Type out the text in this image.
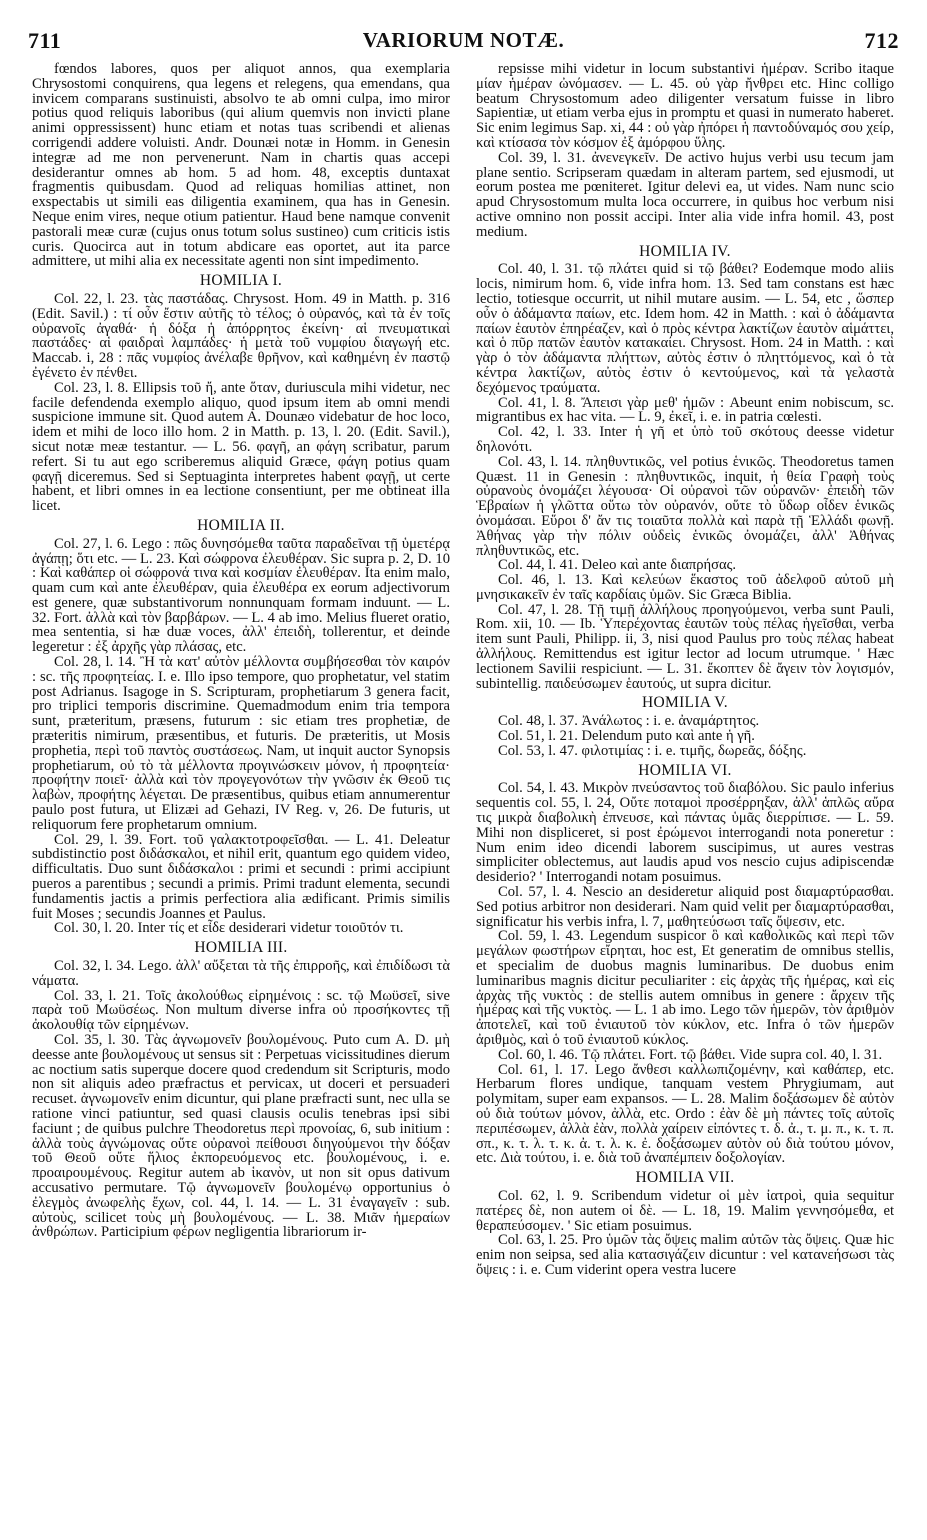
711	VARIORUM NOTÆ.	712

fœndos labores, quos per aliquot annos, qua exemplaria Chrysostomi conquirens, qua legens et relegens, qua emendans, qua invicem comparans sustinuisti, absolvo te ab omni culpa, imo miror potius quod reliquis laboribus (qui alium quemvis non invicti plane animi oppressissent) hunc etiam et notas tuas scribendi et alienas corrigendi addere voluisti. Andr. Dounæi notæ in Homm. in Genesin integræ ad me non pervenerunt. Nam in chartis quas accepi desiderantur omnes ab hom. 5 ad hom. 48, exceptis duntaxat fragmentis quibusdam. Quod ad reliquas homilias attinet, non exspectabis ut simili eas diligentia examinem, qua has in Genesin. Neque enim vires, neque otium patientur. Haud bene namque convenit pastorali meæ curæ (cujus onus totum solus sustineo) cum criticis istis curis. Quocirca aut in totum abdicare eas oportet, aut ita parce admittere, ut mihi alia ex necessitate agenti non sint impedimento.

HOMILIA I.

Col. 22, l. 23. τὰς παστάδας. Chrysost. Hom. 49 in Matth. p. 316 (Edit. Savil.) : τί οὖν ἔστιν αὐτῆς τὸ τέλος; ὁ οὐρανός, καὶ τὰ ἐν τοῖς οὐρανοῖς ἀγαθά· ἡ δόξα ἡ ἀπόρρητος ἐκείνη· αἱ πνευματικαὶ παστάδες· αἱ φαιδραὶ λαμπάδες· ἡ μετὰ τοῦ νυμφίου διαγωγή etc. Maccab. i, 28 : πᾶς νυμφίος ἀνέλαβε θρῆνον, καὶ καθημένη ἐν παστῷ ἐγένετο ἐν πένθει.

Col. 23, l. 8. Ellipsis τοῦ ἤ, ante ὅταν, duriuscula mihi videtur, nec facile defendenda exemplo aliquo, quod ipsum item ab omni mendi suspicione immune sit. Quod autem A. Dounæo videbatur de hoc loco, idem et mihi de loco illo hom. 2 in Matth. p. 13, l. 20. (Edit. Savil.), sicut notæ meæ testantur. — L. 56. φαγῆ, an φάγη scribatur, parum refert. Si tu aut ego scriberemus aliquid Græce, φάγη potius quam φαγῇ diceremus. Sed si Septuaginta interpretes habent φαγῇ, ut certe habent, et libri omnes in ea lectione consentiunt, per me obtineat illa licet.

HOMILIA II.

Col. 27, l. 6. Lego : πῶς δυνησόμεθα ταῦτα παραδεῖναι τῇ ὑμετέρᾳ ἀγάπῃ; ὅτι etc. — L. 23. Καὶ σώφρονα ἐλευθέραν. Sic supra p. 2, D. 10 : Καὶ καθάπερ οἱ σώφρονά τινα καὶ κοσμίαν ἐλευθέραν. Ita enim malo, quam cum καὶ ante ἐλευθέραν, quia ἐλευθέρα ex eorum adjectivorum est genere, quæ substantivorum nonnunquam formam induunt. — L. 32. Fort. ἀλλὰ καὶ τὸν βαρβάρων. — L. 4 ab imo. Melius flueret oratio, mea sententia, si hæ duæ voces, ἀλλ' ἐπειδὴ, tollerentur, et deinde legeretur : ἐξ ἀρχῆς γὰρ πλάσας, etc.

Col. 28, l. 14. Ἢ τὰ κατ' αὐτὸν μέλλοντα συμβήσεσθαι τὸν καιρόν : sc. τῆς προφητείας. I. e. Illo ipso tempore, quo prophetatur, vel statim post Adrianus. Isagoge in S. Scripturam, prophetiarum 3 genera facit, pro triplici temporis discrimine. Quemadmodum enim tria tempora sunt, præteritum, præsens, futurum : sic etiam tres prophetiæ, de præteritis nimirum, præsentibus, et futuris. De præteritis, ut Mosis prophetia, περὶ τοῦ παντὸς συστάσεως. Nam, ut inquit auctor Synopsis prophetiarum, οὐ τὸ τὰ μέλλοντα προγινώσκειν μόνον, ἡ προφητεία· προφήτην ποιεῖ· ἀλλὰ καὶ τὸν προγεγονότων τὴν γνῶσιν ἐκ Θεοῦ τις λαβὼν, προφήτης λέγεται. De præsentibus, quibus etiam annumerentur paulo post futura, ut Elizæi ad Gehazi, IV Reg. v, 26. De futuris, ut reliquorum fere prophetarum omnium.

Col. 29, l. 39. Fort. τοῦ γαλακτοτροφεῖσθαι. — L. 41. Deleatur subdistinctio post διδάσκαλοι, et nihil erit, quantum ego quidem video, difficultatis. Duo sunt διδάσκαλοι : primi et secundi : primi accipiunt pueros a parentibus ; secundi a primis. Primi tradunt elementa, secundi fundamentis jactis a primis perfectiora alia ædificant. Primis similis fuit Moses ; secundis Joannes et Paulus.

Col. 30, l. 20. Inter τίς et εἶδε desiderari videtur τοιοῦτόν τι.

HOMILIA III.

Col. 32, l. 34. Lego. ἀλλ' αὔξεται τὰ τῆς ἐπιρροῆς, καὶ ἐπιδίδωσι τὰ νάματα.

Col. 33, l. 21. Τοῖς ἀκολούθως εἰρημένοις : sc. τῷ Μωϋσεῖ, sive παρὰ τοῦ Μωϋσέως. Non multum diverse infra οὐ προσήκοντες τῇ ἀκολουθίᾳ τῶν εἰρημένων.

Col. 35, l. 30. Τὰς ἀγνωμονεῖν βουλομένους. Puto cum A. D. μὴ deesse ante βουλομένους ut sensus sit : Perpetuas vicissitudines dierum ac noctium satis superque docere quod credendum sit Scripturis, modo non sit aliquis adeo præfractus et pervicax, ut doceri et persuaderi recuset. ἀγνωμονεῖν enim dicuntur, qui plane præfracti sunt, nec ulla se ratione vinci patiuntur, sed quasi clausis oculis tenebras ipsi sibi faciunt ; de quibus pulchre Theodoretus περὶ προνοίας, 6, sub initium : ἀλλὰ τοὺς ἀγνώμονας οὔτε οὐρανοὶ πείθουσι διηγούμενοι τὴν δόξαν τοῦ Θεοῦ οὔτε ἥλιος ἐκπορευόμενος etc. βουλομένους, i. e. προαιρουμένους. Regitur autem ab ἱκανὸν, ut non sit opus dativum accusativo permutare. Τῷ ἀγνωμονεῖν βουλομένῳ opportunius ὁ ἐλεγμὸς ἀνωφελὴς ἔχων, col. 44, l. 14. — L. 31 ἐναγαγεῖν : sub. αὐτοὺς, scilicet τοὺς μὴ βουλομένους. — L. 38. Μιᾶν ἡμεραίων ἀνθρώπων. Participium φέρων negligentia librariorum ir-

repsisse mihi videtur in locum substantivi ἡμέραν. Scribo itaque μίαν ἡμέραν ὠνόμασεν. — L. 45. οὐ γὰρ ἤνθρει etc. Hinc colligo beatum Chrysostomum adeo diligenter versatum fuisse in libro Sapientiæ, ut etiam verba ejus in promptu et quasi in numerato haberet. Sic enim legimus Sap. xi, 44 : οὐ γὰρ ἠπόρει ἡ παντοδύναμός σου χείρ, καὶ κτίσασα τὸν κόσμον ἐξ ἀμόρφου ὕλης.

Col. 39, l. 31. ἀνενεγκεῖν. De activo hujus verbi usu tecum jam plane sentio. Scripseram quædam in alteram partem, sed ejusmodi, ut eorum postea me pœniteret. Igitur delevi ea, ut vides. Nam nunc scio apud Chrysostomum multa loca occurrere, in quibus hoc verbum nisi active omnino non possit accipi. Inter alia vide infra homil. 43, post medium.

HOMILIA IV.

Col. 40, l. 31. τῷ πλάτει quid si τῷ βάθει? Eodemque modo aliis locis, nimirum hom. 6, vide infra hom. 13. Sed tam constans est hæc lectio, totiesque occurrit, ut nihil mutare ausim. — L. 54, etc , ὥσπερ οὖν ὁ ἀδάμαντα παίων, etc. Idem hom. 42 in Matth. : καὶ ὁ ἀδάμαντα παίων ἑαυτὸν ἐπηρέαζεν, καὶ ὁ πρὸς κέντρα λακτίζων ἑαυτὸν αἱμάττει, καὶ ὁ πῦρ πατῶν ἑαυτὸν κατακαίει. Chrysost. Hom. 24 in Matth. : καὶ γὰρ ὁ τὸν ἀδάμαντα πλήττων, αὐτὸς ἐστιν ὁ πληττόμενος, καὶ ὁ τὰ κέντρα λακτίζων, αὐτὸς ἐστιν ὁ κεντούμενος, καὶ τὰ γελαστὰ δεχόμενος τραύματα.

Col. 41, l. 8. Ἄπεισι γὰρ μεθ' ἡμῶν : Abeunt enim nobiscum, sc. migrantibus ex hac vita. — L. 9, ἐκεῖ, i. e. in patria cœlesti.

Col. 42, l. 33. Inter ἡ γῆ et ὑπὸ τοῦ σκότους deesse videtur δηλονότι.

Col. 43, l. 14. πληθυντικῶς, vel potius ἑνικῶς. Theodoretus tamen Quæst. 11 in Genesin : πληθυντικῶς, inquit, ἡ θεία Γραφὴ τοὺς οὐρανοὺς ὀνομάζει λέγουσα· Οἱ οὐρανοὶ τῶν οὐρανῶν· ἐπειδὴ τῶν Ἑβραίων ἡ γλῶττα οὕτω τὸν οὐρανόν, οὕτε τὸ ὕδωρ οἶδεν ἑνικῶς ὀνομάσαι. Εὕροι δ' ἄν τις τοιαῦτα πολλὰ καὶ παρὰ τῇ Ἑλλάδι φωνῇ. Ἀθήνας γὰρ τὴν πόλιν οὐδεὶς ἑνικῶς ὀνομάζει, ἀλλ' Ἀθήνας πληθυντικῶς, etc.

Col. 44, l. 41. Deleo καὶ ante διαπρήσας.

Col. 46, l. 13. Καὶ κελεύων ἕκαστος τοῦ ἀδελφοῦ αὐτοῦ μὴ μνησικακεῖν ἐν ταῖς καρδίαις ὑμῶν. Sic Græca Biblia.

Col. 47, l. 28. Τῇ τιμῇ ἀλλήλους προηγούμενοι, verba sunt Pauli, Rom. xii, 10. — Ib. Ὑπερέχοντας ἑαυτῶν τοὺς πέλας ἡγεῖσθαι, verba item sunt Pauli, Philipp. ii, 3, nisi quod Paulus pro τοὺς πέλας habeat ἀλλήλους. Remittendus est igitur lector ad locum utrumque. ' Hæc lectionem Savilii respiciunt. — L. 31. ἔκοπτεν δὲ ἄγειν τὸν λογισμόν, subintellig. παιδεύσωμεν ἑαυτούς, ut supra dicitur.

HOMILIA V.

Col. 48, l. 37. Ἀνάλωτος : i. e. ἀναμάρτητος.

Col. 51, l. 21. Delendum puto καὶ ante ἡ γῆ.

Col. 53, l. 47. φιλοτιμίας : i. e. τιμῆς, δωρεᾶς, δόξης.

HOMILIA VI.

Col. 54, l. 43. Μικρὸν πνεύσαντος τοῦ διαβόλου. Sic paulo inferius sequentis col. 55, l. 24, Οὔτε ποταμοὶ προσέρρηξαν, ἀλλ' ἁπλῶς αὔρα τις μικρὰ διαβολικὴ ἐπνευσε, καὶ πάντας ὑμᾶς διερρίπισε. — L. 59. Mihi non displiceret, si post ἐρώμενοι interrogandi nota poneretur : Num enim ideo dicendi laborem suscipimus, ut aures vestras simpliciter oblectemus, aut laudis apud vos nescio cujus adipiscendæ desiderio? ' Interrogandi notam posuimus.

Col. 57, l. 4. Nescio an desideretur aliquid post διαμαρτύρασθαι. Sed potius arbitror non desiderari. Nam quid velit per διαμαρτύρασθαι, significatur his verbis infra, l. 7, μαθητεύσωσι ταῖς ὄψεσιν, etc.

Col. 59, l. 43. Legendum suspicor ὃ καὶ καθολικῶς καὶ περὶ τῶν μεγάλων φωστήρων εἴρηται, hoc est, Et generatim de omnibus stellis, et specialim de duobus magnis luminaribus. De duobus enim luminaribus magnis dicitur peculiariter : εἰς ἀρχὰς τῆς ἡμέρας, καὶ εἰς ἀρχὰς τῆς νυκτὸς : de stellis autem omnibus in genere : ἄρχειν τῆς ἡμέρας καὶ τῆς νυκτὸς. — L. 1 ab imo. Lego τῶν ἡμερῶν, τὸν ἀριθμὸν ἀποτελεῖ, καὶ τοῦ ἐνιαυτοῦ τὸν κύκλον, etc. Infra ὁ τῶν ἡμερῶν ἀριθμὸς, καὶ ὁ τοῦ ἐνιαυτοῦ κύκλος.

Col. 60, l. 46. Τῷ πλάτει. Fort. τῷ βάθει. Vide supra col. 40, l. 31.

Col. 61, l. 17. Lego ἄνθεσι καλλωπιζομένην, καὶ καθάπερ, etc. Herbarum flores undique, tanquam vestem Phrygiumam, aut polymitam, super eam expansos. — L. 28. Malim δοξάσωμεν δὲ αὐτὸν οὐ διὰ τούτων μόνον, ἀλλὰ, etc. Ordo : ἐὰν δὲ μὴ πάντες τοῖς αὐτοῖς περιπέσωμεν, ἀλλὰ ἐὰν, πολλὰ χαίρειν εἰπόντες τ. δ. ἀ., τ. μ. π., κ. τ. π. σπ., κ. τ. λ. τ. κ. ἀ. τ. λ. κ. ἐ. δοξάσωμεν αὐτὸν οὐ διὰ τούτου μόνον, etc. Διὰ τούτου, i. e. διὰ τοῦ ἀναπέμπειν δοξολογίαν.

HOMILIA VII.

Col. 62, l. 9. Scribendum videtur οἱ μὲν ἰατροὶ, quia sequitur πατέρες δὲ, non autem οἱ δὲ. — L. 18, 19. Malim γεννησόμεθα, et θεραπεύσομεν. ' Sic etiam posuimus.

Col. 63, l. 25. Pro ὑμῶν τὰς ὄψεις malim αὐτῶν τὰς ὄψεις. Quæ hic enim non seipsa, sed alia κατασιγάζειν dicuntur : vel κατανεήσωσι τὰς ὄψεις : i. e. Cum viderint opera vestra lucere
